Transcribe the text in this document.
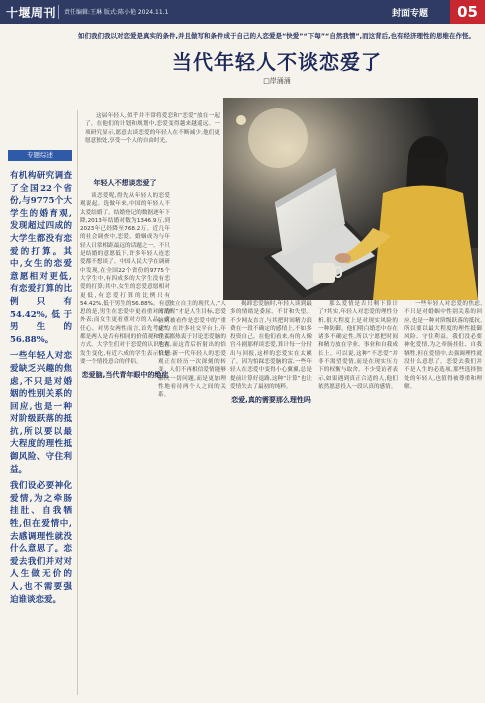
十堰周刊 责任编辑:王琳 版式:陈小艳 2024.11.1	封面专题	05
如们我们我以对恋爱是真实的条件,并且做写和条件成于自己的人恋爱是“快爱”“下每”“自然我情”,而这背后,也有经济理性的思维在作怪。
当代年轻人不谈恋爱了
□岸涌涌
专题综述

有机构研究调查了全国22个省份,与9775个大学生的婚育观,发现超过四成的大学生都没有恋爱的打算。其中,女生的恋爱意愿相对更低,有恋爱打算的比例只有54.42%,低于男生的56.88%。

一些年轻人对恋爱缺乏兴趣的焦虑,不只是对婚姻的性别关系的回应,也是一种对阶级跃落的抵抗,所以要以最大程度的理性抵御风险、守住利益。

我们设必要神化爱情,为之牵肠挂肚、自我牺牲,但在爱情中,去感调理性就没什么意思了。恋爱去我们并对对人生做无价的人,也不需要强迫谁谈恋爱。

这届年轻人,似乎并不常将爱恋和“恋爱”放在一起了。在他们的计划和规划中,恋爱变得越来越遥远。一项研究显示,愿意去谈恋爱的年轻人在不断减少,他们更愿意独处,享受一个人的自由时光。

年轻人不想谈恋爱了

谈恋爱呢,得先从年轻人的恋爱观说起。选做年来,中国的年轻人不太爱结婚了。结婚登记的数据逐年下降,2013年结婚对数为1346.9万,到2023年已经降至768.2万。近几年的社会调查中,恋爱、婚姻成为与年轻人日常相距最远的话题之一。不只是结婚的意愿低下,许多年轻人连恋爱都不想谈了。中国人民大学在调研中发现,在全国22个省份的9775个大学生中,有四成多的大学生没有恋爱的打算;其中,女生的恋爱意愿相对更低,有恋爱打算的比例只有54.42%,低于男生的56.88%。有意思的是,男生在恋爱中更看重对方的外表;而女生更看重对方的人品、责任心。对男女两性而言,首先考虑的都是两人是否有相同的价值观和生活方式。大学生们对于恋爱的认识也在发生变化,有近六成的学生表示只想要一个情投意合的伴侣。

恋爱脑,当代青年眼中的绝症

独立自主的现代人,“人间清醒”才是人生目标,恋爱脑则被看作是恋爱中的“重症”。在许多社交平台上,年轻人都热衷于讨论恋爱脑的危害,而这背后折射出的恰恰是:新一代年轻人的恋爱观正在经历一次深刻的转变。人们不再相信爱情能够解决一切问题,而是更加理性地看待两个人之间的关系。

揭卸恋爱脑时,年轻人谈到最多的情绪是委屈、不甘和失望。不少网友直言,与其把时间精力浪费在一段不确定的感情上,不如多投资自己。在他们看来,有的人像宫斗剧那样谈恋爱,算计每一分付出与回报,这样的恋爱实在太累了。因为怕踩恋爱脑的雷,一些年轻人在恋爱中变得小心翼翼,总是提前计算好退路,这种“计算”也让爱情失去了最初的纯粹。

恋爱,真的需要那么理性吗

那么爱情是否只剩下算计了?其实,年轻人对恋爱的理性分析,很大程度上是对现实风险的一种防御。他们明白婚恋中存在诸多不确定性,所以宁愿把时间和精力放在学业、事业和自我成长上。可以说,这种“不恋爱”并非不渴望爱情,而是在现实压力下的权衡与取舍。不少受访者表示,如果遇到真正合适的人,他们依然愿意投入一段认真的感情。

一些年轻人对恋爱的焦虑,不只是对婚姻中性别关系的回应,也是一种对阶级跃落的抵抗,所以要以最大程度的理性抵御风险、守住利益。我们没必要神化爱情,为之牵肠挂肚、自我牺牲,但在爱情中,去强调理性就没什么意思了。恋爱去我们并不是人生的必选项,那些选择独处的年轻人,也值得被尊重和理解。
